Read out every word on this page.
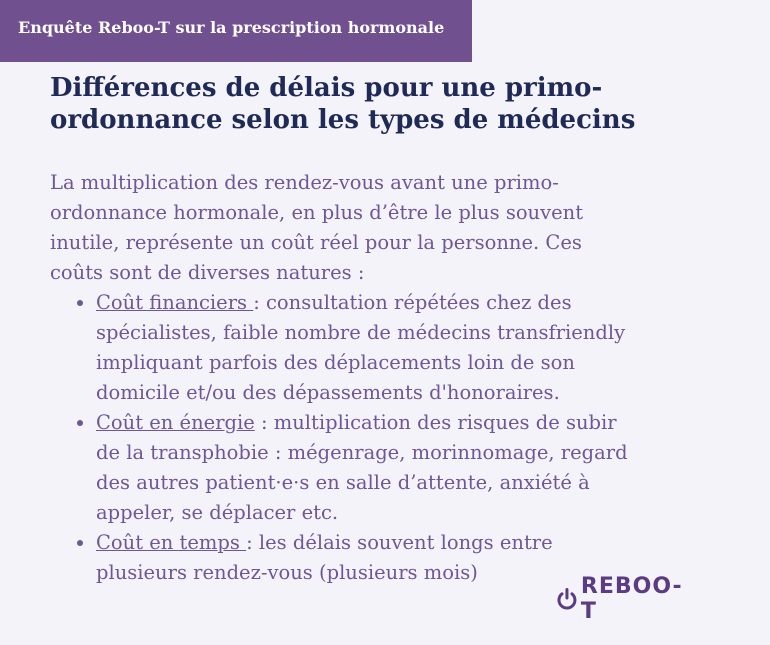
Enquête Reboo-T sur la prescription hormonale
Différences de délais pour une primo-
ordonnance selon les types de médecins
La multiplication des rendez-vous avant une primo-
ordonnance hormonale, en plus d’être le plus souvent
inutile, représente un coût réel pour la personne. Ces
coûts sont de diverses natures :
• Coût financiers : consultation répétées chez des
spécialistes, faible nombre de médecins transfriendly
impliquant parfois des déplacements loin de son
domicile et/ou des dépassements d'honoraires.
• Coût en énergie : multiplication des risques de subir
de la transphobie : mégenrage, morinnomage, regard
des autres patient·e·s en salle d’attente, anxiété à
appeler, se déplacer etc.
• Coût en temps : les délais souvent longs entre
plusieurs rendez-vous (plusieurs mois)
REBOO-T
